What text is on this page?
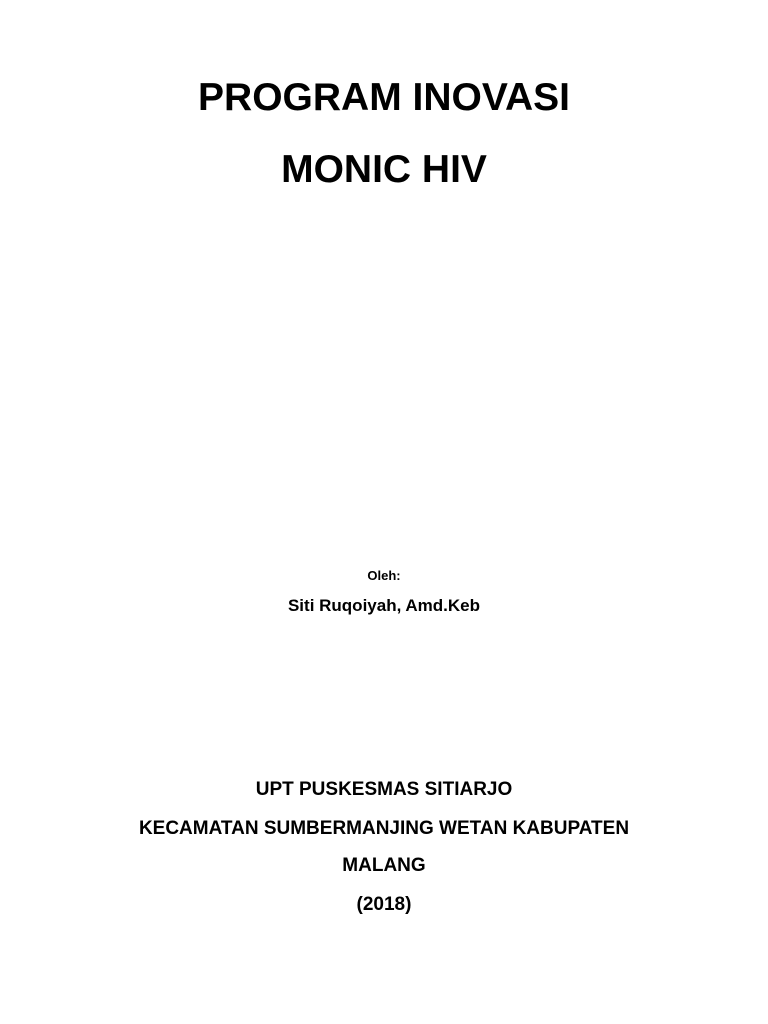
PROGRAM INOVASI
MONIC HIV
Oleh:
Siti Ruqoiyah, Amd.Keb
UPT PUSKESMAS SITIARJO
KECAMATAN SUMBERMANJING WETAN KABUPATEN
MALANG
(2018)
